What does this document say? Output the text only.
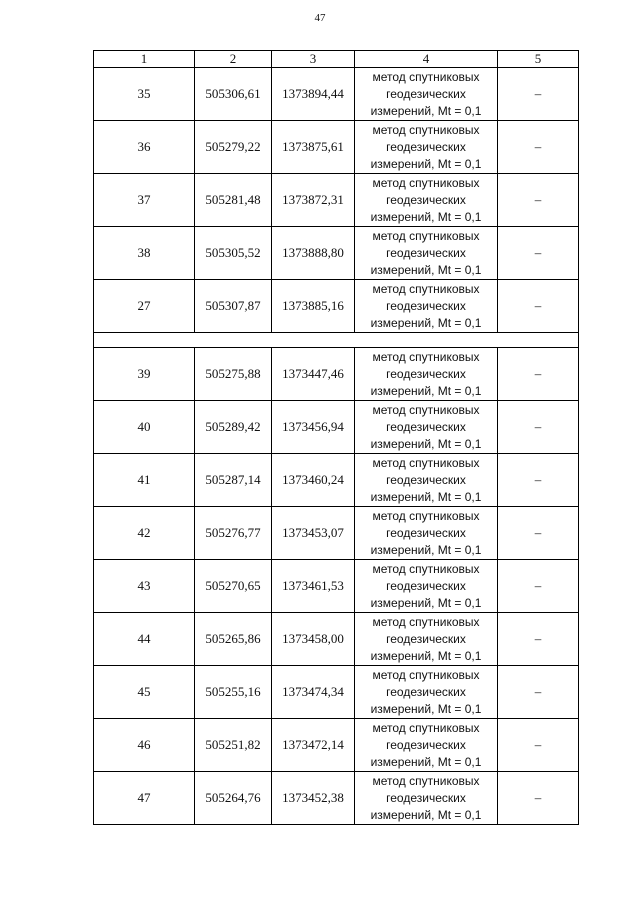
47
1	2	3	4	5
35	505306,61	1373894,44	метод спутниковых
геодезических
измерений, Mt = 0,1	–
36	505279,22	1373875,61	метод спутниковых
геодезических
измерений, Mt = 0,1	–
37	505281,48	1373872,31	метод спутниковых
геодезических
измерений, Mt = 0,1	–
38	505305,52	1373888,80	метод спутниковых
геодезических
измерений, Mt = 0,1	–
27	505307,87	1373885,16	метод спутниковых
геодезических
измерений, Mt = 0,1	–

39	505275,88	1373447,46	метод спутниковых
геодезических
измерений, Mt = 0,1	–
40	505289,42	1373456,94	метод спутниковых
геодезических
измерений, Mt = 0,1	–
41	505287,14	1373460,24	метод спутниковых
геодезических
измерений, Mt = 0,1	–
42	505276,77	1373453,07	метод спутниковых
геодезических
измерений, Mt = 0,1	–
43	505270,65	1373461,53	метод спутниковых
геодезических
измерений, Mt = 0,1	–
44	505265,86	1373458,00	метод спутниковых
геодезических
измерений, Mt = 0,1	–
45	505255,16	1373474,34	метод спутниковых
геодезических
измерений, Mt = 0,1	–
46	505251,82	1373472,14	метод спутниковых
геодезических
измерений, Mt = 0,1	–
47	505264,76	1373452,38	метод спутниковых
геодезических
измерений, Mt = 0,1	–
